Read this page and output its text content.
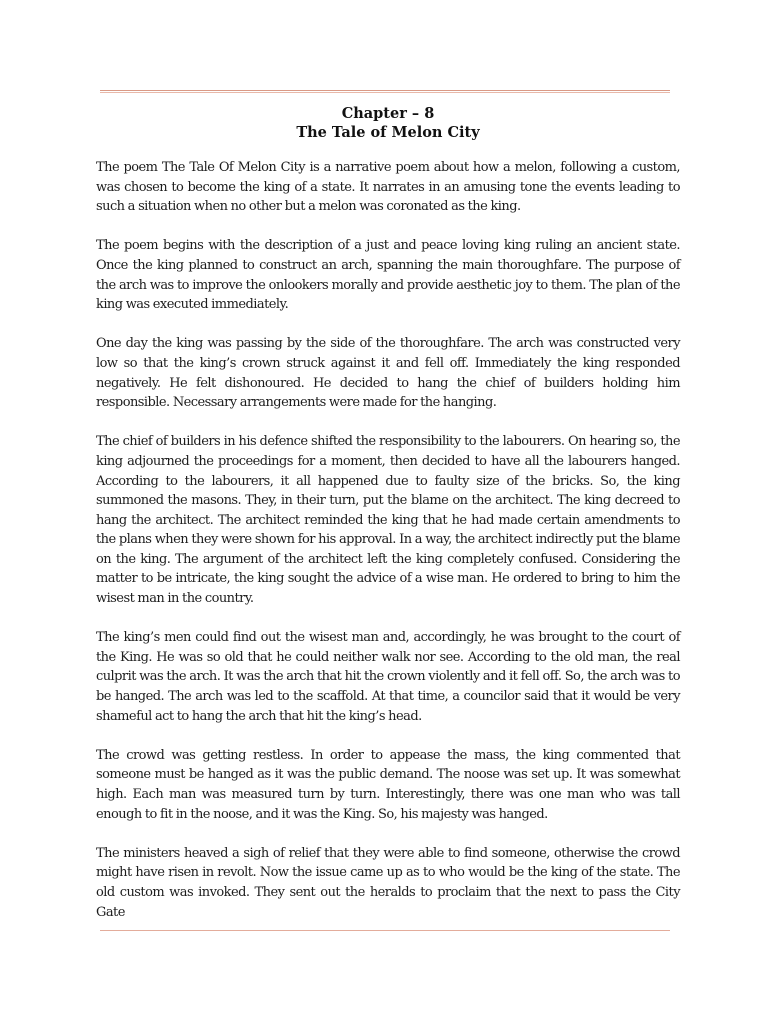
Chapter – 8
The Tale of Melon City

The poem The Tale Of Melon City is a narrative poem about how a melon, following a custom, was chosen to become the king of a state. It narrates in an amusing tone the events leading to such a situation when no other but a melon was coronated as the king.

The poem begins with the description of a just and peace loving king ruling an ancient state. Once the king planned to construct an arch, spanning the main thoroughfare. The purpose of the arch was to improve the onlookers morally and provide aesthetic joy to them. The plan of the king was executed immediately.

One day the king was passing by the side of the thoroughfare. The arch was constructed very low so that the king’s crown struck against it and fell off. Immediately the king responded negatively. He felt dishonoured. He decided to hang the chief of builders holding him responsible. Necessary arrangements were made for the hanging.

The chief of builders in his defence shifted the responsibility to the labourers. On hearing so, the king adjourned the proceedings for a moment, then decided to have all the labourers hanged. According to the labourers, it all happened due to faulty size of the bricks. So, the king summoned the masons. They, in their turn, put the blame on the architect. The king decreed to hang the architect. The architect reminded the king that he had made certain amendments to the plans when they were shown for his approval. In a way, the architect indirectly put the blame on the king. The argument of the architect left the king completely confused. Considering the matter to be intricate, the king sought the advice of a wise man. He ordered to bring to him the wisest man in the country.

The king’s men could find out the wisest man and, accordingly, he was brought to the court of the King. He was so old that he could neither walk nor see. According to the old man, the real culprit was the arch. It was the arch that hit the crown violently and it fell off. So, the arch was to be hanged. The arch was led to the scaffold. At that time, a councilor said that it would be very shameful act to hang the arch that hit the king’s head.

The crowd was getting restless. In order to appease the mass, the king commented that someone must be hanged as it was the public demand. The noose was set up. It was somewhat high. Each man was measured turn by turn. Interestingly, there was one man who was tall enough to fit in the noose, and it was the King. So, his majesty was hanged.

The ministers heaved a sigh of relief that they were able to find someone, otherwise the crowd might have risen in revolt. Now the issue came up as to who would be the king of the state. The old custom was invoked. They sent out the heralds to proclaim that the next to pass the City Gate
